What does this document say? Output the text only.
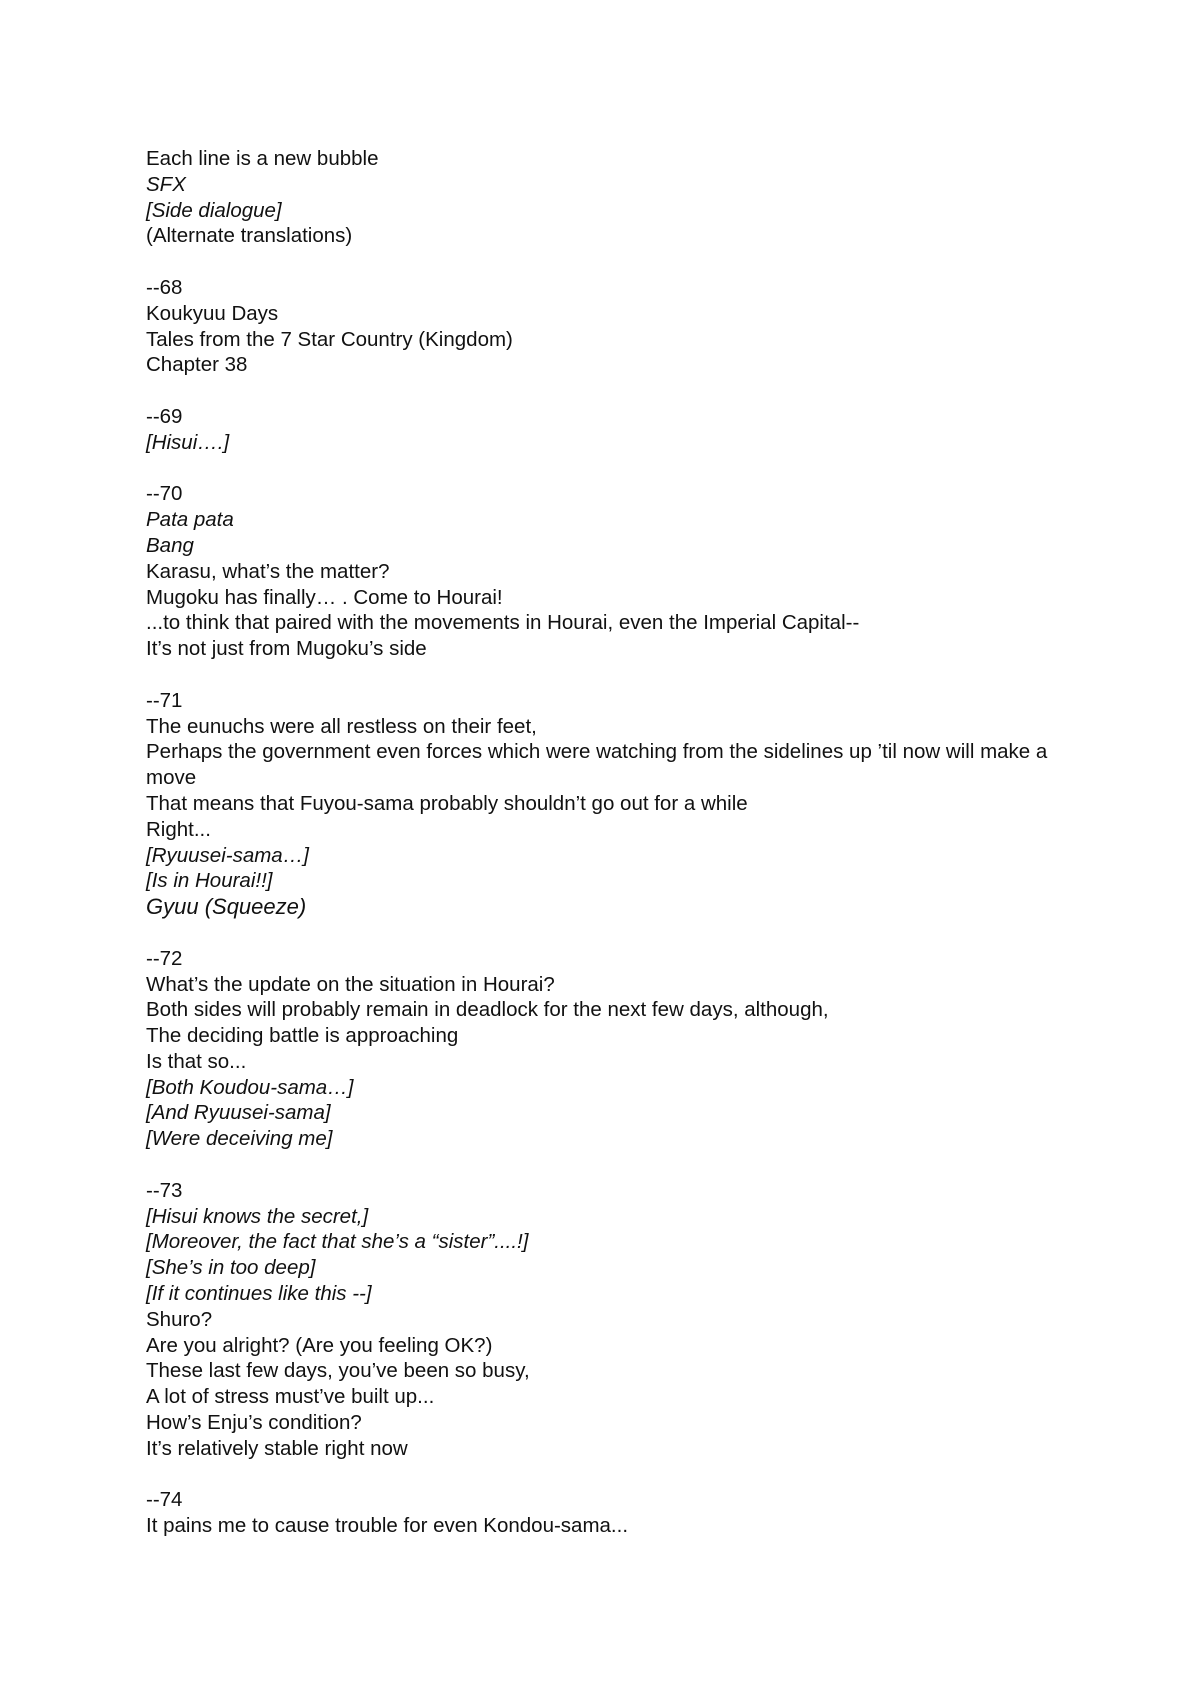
Each line is a new bubble
SFX
[Side dialogue]
(Alternate translations)
--68
Koukyuu Days
Tales from the 7 Star Country (Kingdom)
Chapter 38
--69
[Hisui….]
--70
Pata pata
Bang
Karasu, what’s the matter?
Mugoku has finally… . Come to Hourai!
...to think that paired with the movements in Hourai, even the Imperial Capital--
It’s not just from Mugoku’s side
--71
The eunuchs were all restless on their feet,
Perhaps the government even forces which were watching from the sidelines up ’til now will make a move
That means that Fuyou-sama probably shouldn’t go out for a while
Right...
[Ryuusei-sama…]
[Is in Hourai!!]
Gyuu (Squeeze)
--72
What’s the update on the situation in Hourai?
Both sides will probably remain in deadlock for the next few days, although,
The deciding battle is approaching
Is that so...
[Both Koudou-sama…]
[And Ryuusei-sama]
[Were deceiving me]
--73
[Hisui knows the secret,]
[Moreover, the fact that she’s a “sister”....!]
[She’s in too deep]
[If it continues like this --]
Shuro?
Are you alright? (Are you feeling OK?)
These last few days, you’ve been so busy,
A lot of stress must’ve built up...
How’s Enju’s condition?
It’s relatively stable right now
--74
It pains me to cause trouble for even Kondou-sama...
